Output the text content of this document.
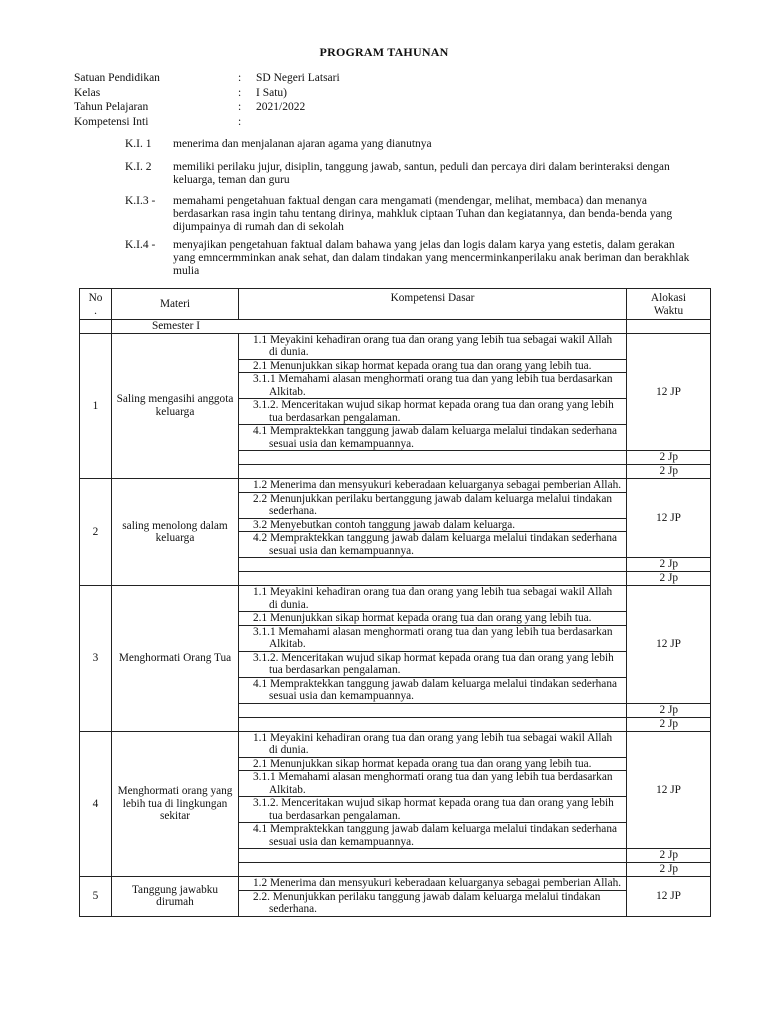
PROGRAM TAHUNAN
Satuan Pendidikan	: SD Negeri Latsari
Kelas	: I Satu)
Tahun Pelajaran	: 2021/2022
Kompetensi Inti	:
K.I. 1	menerima dan menjalanan ajaran agama yang dianutnya
K.I. 2	memiliki perilaku jujur, disiplin, tanggung jawab, santun, peduli dan percaya diri dalam berinteraksi dengan keluarga, teman dan guru
K.I.3 -	memahami pengetahuan faktual dengan cara mengamati (mendengar, melihat, membaca) dan menanya berdasarkan rasa ingin tahu tentang dirinya, mahkluk ciptaan Tuhan dan kegiatannya, dan benda-benda yang dijumpainya di rumah dan di sekolah
K.I.4 -	menyajikan pengetahuan faktual dalam bahawa yang jelas dan logis dalam karya yang estetis, dalam gerakan yang emncermminkan anak sehat, dan dalam tindakan yang mencerminkanperilaku anak beriman dan berakhlak mulia
No
.	Materi	Kompetensi Dasar	Alokasi
Waktu
	Semester I		
1	Saling mengasihi anggota keluarga	1.1 Meyakini kehadiran orang tua dan orang yang lebih tua sebagai wakil Allah di dunia.	12 JP

		2.1 Menunjukkan sikap hormat kepada orang tua dan orang yang lebih tua.	

		3.1.1 Memahami alasan menghormati orang tua dan yang lebih tua berdasarkan Alkitab.	

		3.1.2. Menceritakan wujud sikap hormat kepada orang tua dan orang yang lebih tua berdasarkan pengalaman.	

		4.1 Mempraktekkan tanggung jawab dalam keluarga melalui tindakan sederhana sesuai usia dan kemampuannya.	

			2 Jp
			2 Jp
2	saling menolong dalam keluarga	1.2 Menerima dan mensyukuri keberadaan keluarganya sebagai pemberian Allah.	12 JP

		2.2 Menunjukkan perilaku bertanggung jawab dalam keluarga melalui tindakan sederhana.	

		3.2 Menyebutkan contoh tanggung jawab dalam keluarga.	

		4.2 Mempraktekkan tanggung jawab dalam keluarga melalui tindakan sederhana sesuai usia dan kemampuannya.	

			2 Jp
			2 Jp
3	Menghormati Orang Tua	1.1 Meyakini kehadiran orang tua dan orang yang lebih tua sebagai wakil Allah di dunia.	12 JP

		2.1 Menunjukkan sikap hormat kepada orang tua dan orang yang lebih tua.	

		3.1.1 Memahami alasan menghormati orang tua dan yang lebih tua berdasarkan Alkitab.	

		3.1.2. Menceritakan wujud sikap hormat kepada orang tua dan orang yang lebih tua berdasarkan pengalaman.	

		4.1 Mempraktekkan tanggung jawab dalam keluarga melalui tindakan sederhana sesuai usia dan kemampuannya.	

			2 Jp
			2 Jp
4	Menghormati orang yang lebih tua di lingkungan sekitar	1.1 Meyakini kehadiran orang tua dan orang yang lebih tua sebagai wakil Allah di dunia.	12 JP

		2.1 Menunjukkan sikap hormat kepada orang tua dan orang yang lebih tua.	

		3.1.1 Memahami alasan menghormati orang tua dan yang lebih tua berdasarkan Alkitab.	

		3.1.2. Menceritakan wujud sikap hormat kepada orang tua dan orang yang lebih tua berdasarkan pengalaman.	

		4.1 Mempraktekkan tanggung jawab dalam keluarga melalui tindakan sederhana sesuai usia dan kemampuannya.	

			2 Jp
			2 Jp
5	Tanggung jawabku dirumah	1.2 Menerima dan mensyukuri keberadaan keluarganya sebagai pemberian Allah.	12 JP

		2.2. Menunjukkan perilaku tanggung jawab dalam keluarga melalui tindakan sederhana.	
